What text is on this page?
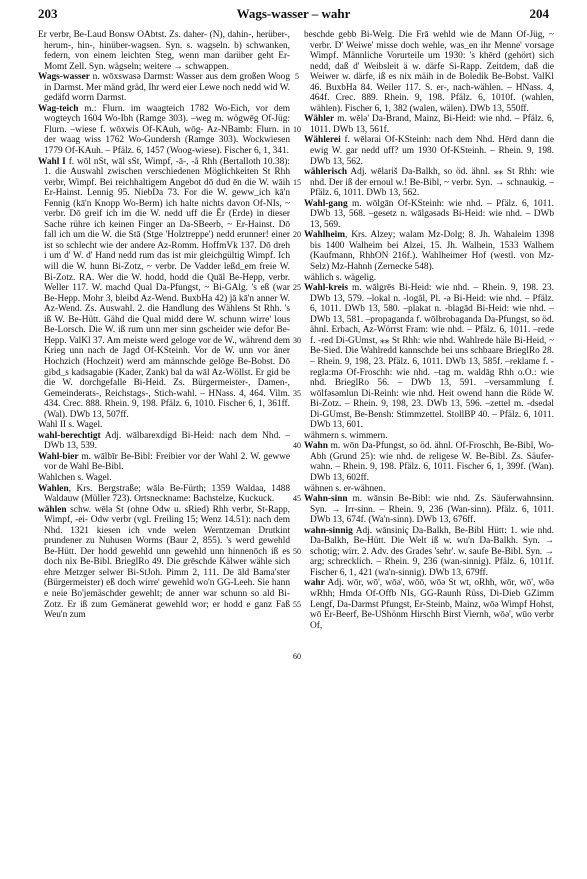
203	Wags-wasser – wahr	204

Er verbr, Be-Laud Bonsw OAbtst. Zs. daher- (N), dahin-, herüber-, herum-, hin-, hinüber-wagsen. Syn. s. wagseln. b) schwanken, federn, von einem leichten Steg, wenn man darüber geht Er-Momt Zell. Syn. wägseln; weitere → schwappen.

Wags-wasser n. wōxswasə Darmst: Wasser aus dem großen Woog in Darmst. Mer mänd gräd, Ihr werd eier Lewe noch nedd wid W. gedäfd worrn Darmst.

Wag-teich m.: Flurn. im waagteich 1782 Wo-Eich, vor dem wogteych 1604 Wo-Ibh (Ramge 303). –weg m. wögwēg Of-Jüg: Flurn. –wiese f. wōxwis Of-KAuh, wōg- Az-NBamb: Flurn. in der waag wiss 1762 Wo-Gundersh (Ramge 303). Wockwiesen 1779 Of-KAuh. – Pfälz. 6, 1457 (Woog-wiese). Fischer 6, 1, 341.

Wahl I f. wōl nSt, wāl sSt, Wimpf, -ā-, -å Rhh (Bertalloth 10.38): 1. die Auswahl zwischen verschiedenen Möglichkeiten St Rhh verbr, Wimpf. Bei reichhaltigem Angebot dō dud ēn die W. wāih Er-Hainst. Lennig 95. NiebDa 73. For die W. geww_ich kā'n Fennig (kā'n Knopp Wo-Berm) ich halte nichts davon Of-NIs, ~ verbr. Dō greif ich im die W. nedd uff die Ēr (Erde) in dieser Sache rühre ich keinen Finger an Da-SBeerb, ~ Er-Hainst. Dō fall ich um die W. die Stā (Stge 'Holztreppe') nedd erunner! einer ist so schlecht wie der andere Az-Romm. HoffmVk 137. Dō dreh i um d' W. d' Hand nedd rum das ist mir gleichgültig Wimpf. Ich will die W. hunn Bi-Zotz, ~ verbr. De Vadder leßd_em freie W. Bi-Zotz. RA. Wer die W. hodd, hodd die Quāl Be-Hepp, verbr. Weller 117. W. machd Qual Da-Pfungst, ~ Bi-GAlg. 's eß (war Be-Hepp. Mohr 3, bleibd Az-Wend. BuxbHa 42) jā kā'n anner W. Az-Wend. Zs. Auswahl. 2. die Handlung des Wählens St Rhh. 's iß W. Be-Hütt. Gähd die Qual midd dere W. schunn wirre' lous Be-Lorsch. Die W. iß rum unn mer sinn gscheider wie defor Be-Hepp. ValKl 37. Am meiste werd geloge vor de W., während dem Krieg unn nach de Jagd Of-KSteinh. Vor de W. unn vor äner Hochzich (Hochzeit) werd am männschde gelōge Be-Bobst. Dō gibd_s kadsagabie (Kader, Zank) bal da wāl Az-Wöllst. Er gid be die W. dorchgefalle Bi-Heid. Zs. Bürgermeister-, Damen-, Gemeinderats-, Reichstags-, Stich-wahl. – HNass. 4, 464. Vilm. 434. Crec. 888. Rhein. 9, 198. Pfälz. 6, 1010. Fischer 6, 1, 361ff. (Wal). DWb 13, 507ff.

Wahl II s. Wagel.

wahl-berechtigt Adj. wālbarexdigd Bi-Heid: nach dem Nhd. – DWb 13, 539.

Wahl-bier m. wālbīr Be-Bibl: Freibier vor der Wahl 2. W. gewwe vor de Wahl Be-Bibl.

Wahlchen s. Wagel.

Wahlen, Krs. Bergstraße; wālə Be-Fürth; 1359 Waldaa, 1488 Waldauw (Müller 723). Ortsneckname: Bachstelze, Kuckuck.

wählen schw. wēlə St (ohne Odw u. sRied) Rhh verbr, St-Rapp, Wimpf, -ei- Odw verbr (vgl. Freiling 15; Wenz 14.51): nach dem Nhd. 1321 kiesen ich vnde welen Werntzeman Drutkint prundener zu Nuhusen Worms (Baur 2, 855). 's werd gewehld Be-Hütt. Der hodd gewehld unn gewehld unn hinnenōch iß es doch nix Be-Bibl. BrieglRo 49. Die grēschde Kälwer wähle sich ehre Metzger selwer Bi-StJoh. Pimm 2, 111. De āld Bama'ster (Bürgermeister) eß doch wirre' gewehld wo'n GG-Leeh. Sie hann e neie Bo'jemäschder gewehlt; de anner war schunn so ald Bi-Zotz. Er iß zum Gemänerat gewehld wor; er hodd e ganz Faß Weu'n zum

5
10
15
20
25
30
35
40
45
50
55
60

beschde gebb Bi-Welg. Die Frā wehld wie de Mann Of-Jüg, ~ verbr. D' Weiwe' misse doch wehle, was_en ihr Menne' vorsage Wimpf. Männliche Vorurteile um 1930: 's khērd (gehört) sich nedd, daß d' Weibsleit ä w. därfe Si-Rapp. Zeitdem, daß die Weiwer w. därfe, iß es nix mäih in de Boledik Be-Bobst. ValKl 46. BuxbHa 84. Weiler 117. S. er-, nach-wählen. – HNass. 4, 464f. Crec. 889. Rhein. 9, 198. Pfälz. 6, 1010f. (wahlen, wählen). Fischer 6, 1, 382 (walen, wälen). DWb 13, 550ff.

Wähler m. wēlə' Da-Brand, Mainz, Bi-Heid: wie nhd. – Pfälz. 6, 1011. DWb 13, 561f.

Wählerei f. wēlərai Of-KSteinh: nach dem Nhd. Hērd dann die ewig W. gar nedd uff? um 1930 Of-KSteinh. – Rhein. 9, 198. DWb 13, 562.

wählerisch Adj. wēlariš Da-Balkh, so öd. ähnl. ⁎⁎ St Rhh: wie nhd. Der iß der ernoul w.! Be-Bibl, ~ verbr. Syn. → schnaukig. – Pfälz. 6, 1011. DWb 13, 562.

Wahl-gang m. wōlgān Of-KSteinh: wie nhd. – Pfälz. 6, 1011. DWb 13, 568. –gesetz n. wālgəsəds Bi-Heid: wie nhd. – DWb 13, 569.

Wahlheim, Krs. Alzey; walam Mz-Dolg; 8. Jh. Wahaleim 1398 bis 1400 Walheim bei Alzei, 15. Jh. Walhein, 1533 Walhem (Kaufmann, RhhON 216f.). Wahlheimer Hof (westl. von Mz-Selz) Mz-Hahnh (Zernecke 548).

wählich s. wägelig.

Wahl-kreis m. wālgrēs Bi-Heid: wie nhd. – Rhein. 9, 198. 23. DWb 13, 579. –lokal n. -logāl, Pl. -ə Bi-Heid: wie nhd. – Pfälz. 6, 1011. DWb 13, 580. –plakat n. -blagād Bi-Heid: wie nhd. – DWb 13, 581. –propaganda f. wōlbrobaganda Da-Pfungst, so öd. ähnl. Erbach, Az-Wörrst Fram: wie nhd. – Pfälz. 6, 1011. –rede f. -red Di-GUmst, ⁎⁎ St Rhh: wie nhd. Wahlrede häle Bi-Heid, ~ Be-Sied. Die Wahlredd kannschde bei uns schbaare BrieglRo 28. – Rhein. 9, 198, 23. Pfälz. 6, 1011. DWb 13, 585f. –reklame f. -regla:mə Of-Froschh: wie nhd. –tag m. waldāg Rhh o.O.: wie nhd. BrieglRo 56. – DWb 13, 591. –versammlung f. wōlfəsəmlun Di-Reinh: wie nhd. Heit owend hann die Röde W. Bi-Zotz. – Rhein. 9, 198, 23. DWb 13, 596. –zettel m. -dsedəl Di-GUmst, Be-Bensh: Stimmzettel. StollBP 40. – Pfälz. 6, 1011. DWb 13, 601.

wähmern s. wimmern.

Wahn m. wōn Da-Pfungst, so öd. ähnl. Of-Froschh, Be-Bibl, Wo-Abh (Grund 25): wie nhd. de religese W. Be-Bibl. Zs. Säufer-wahn. – Rhein. 9, 198. Pfälz. 6, 1011. Fischer 6, 1, 399f. (Wan). DWb 13, 602ff.

wähnen s. er-wähnen.

Wahn-sinn m. wānsin Be-Bibl: wie nhd. Zs. Säuferwahnsinn. Syn. → Irr-sinn. – Rhein. 9, 236 (Wan-sinn). Pfälz. 6, 1011. DWb 13, 674f. (Wa'n-sinn). DWb 13, 676ff.

wahn-sinnig Adj. wānsiniç Da-Balkh, Be-Bibl Hütt: 1. wie nhd. Da-Balkh, Be-Hütt. Die Welt iß w. wu'n Da-Balkh. Syn. → schotig; wirr. 2. Adv. des Grades 'sehr'. w. saufe Be-Bibl. Syn. → arg; schrecklich. – Rhein. 9, 236 (wan-sinnig). Pfälz. 6, 1011f. Fischer 6, 1, 421 (wa'n-sinnig). DWb 13, 679ff.

wahr Adj. wōr, wō', wōə', wōō, wōə St wt, oRhh, wōr, wō', wōə wRhh; Hmda Of-Offb NIs, GG-Raunh Rüss, Di-Dieb GZimm Lengf, Da-Darmst Pfungst, Er-Steinb, Mainz, wōə Wimpf Hohst, wō Er-Beerf, Be-UShönm Hirschh Birst Viernh, wōə', wūo verbr Of,
